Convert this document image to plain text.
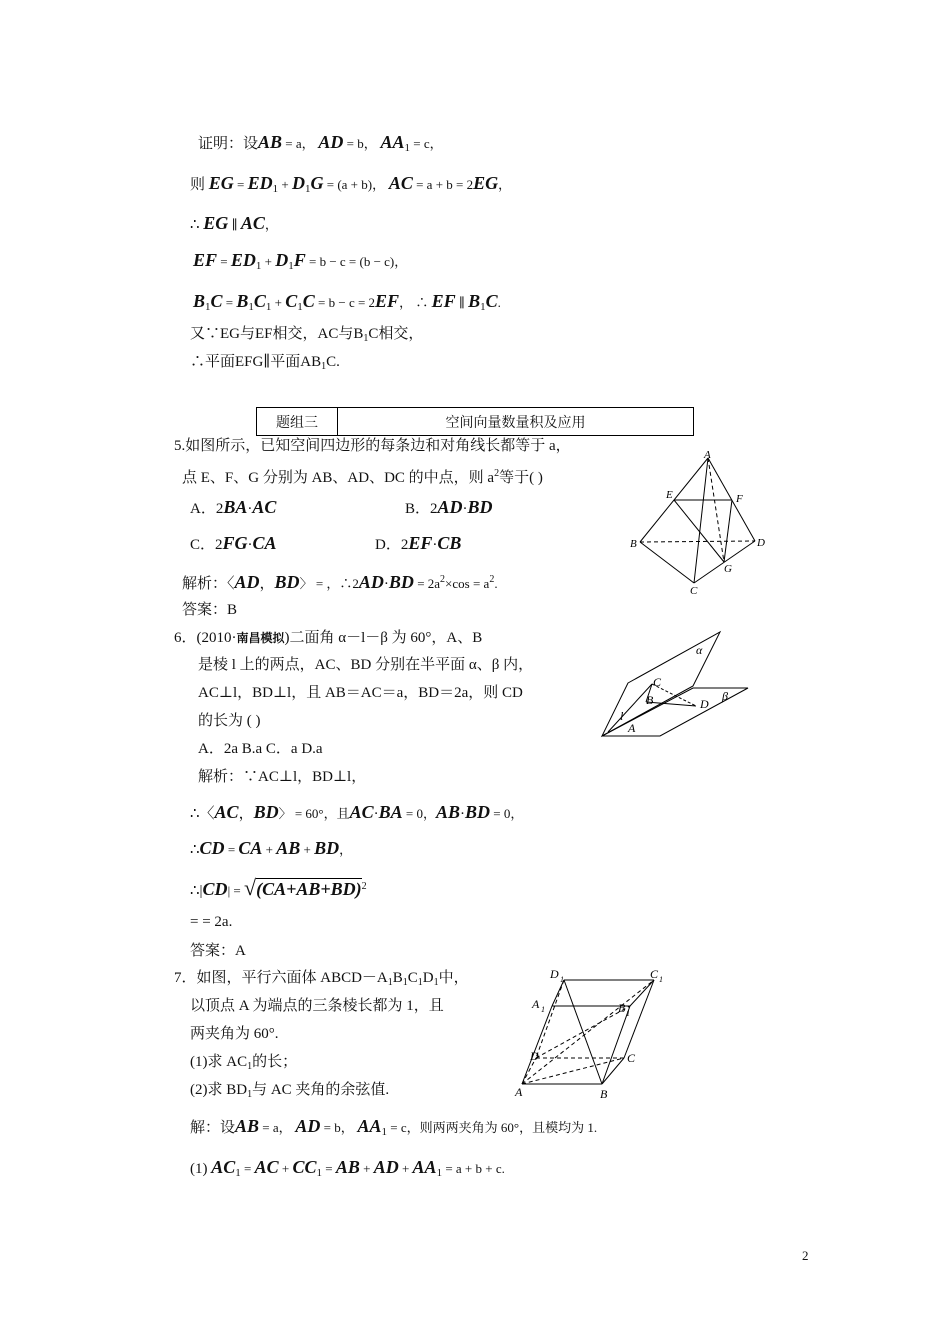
证明：设AB = a， AD = b， $AA_1 = c$，
则 EG = $ED_1 + D_1G = (a + b)$， AC = a + b = 2EG，
∴ EG ∥ AC，
EF = $ED_1 + D_1F = b - c = (b - c)$，
$B_1C = B_1C_1 + C_1C = b - c = 2EF$， ∴ EF ∥ $B_1C$.
又∵EG与EF相交，AC与$B_1C$相交，
∴平面EFG∥平面$AB_1C$.
题组三	空间向量数量积及应用
5.如图所示，已知空间四边形的每条边和对角线长都等于 a，
点 E、F、G 分别为 AB、AD、DC 的中点，则 $a^2$等于( )
A．2BA·AC	B．2AD·BD
C．2FG·CA	D．2EF·CB
解析：〈AD，BD〉 = ，∴2AD·BD = $2a^2\times\cos = a^2$.
答案：B
A
B
C
D
E	F
G
6．(2010·南昌模拟)二面角 α－l－β 为 60°，A、B
是棱 l 上的两点，AC、BD 分别在半平面 α、β 内，
AC⊥l，BD⊥l，且 AB＝AC＝a，BD＝2a，则 CD
的长为 ( )
A．2a B.a C．a D.a
解析：∵AC⊥l，BD⊥l，
∴〈AC，BD〉 = 60°，且AC·BA = 0，AB·BD = 0，
∴CD = CA + AB + BD，
∴|CD| = $√(CA+AB+BD)^2$
= = 2a.
答案：A
α
β
C
B	D
A
l
7．如图，平行六面体 $ABCD-A_1B_1C_1D_1$中，
以顶点 A 为端点的三条棱长都为 1，且
两夹角为 60°.
(1)求 $AC_1$的长；
(2)求 $BD_1$与 AC 夹角的余弦值.
解：设AB = a， AD = b， $AA_1 = c$，则两两夹角为 60°，且模均为 1.
(1) $AC_1$ = AC + $CC_1$ = AB + AD + $AA_1 = a + b + c$.
D 1	C 1
A 1	B 1
D	C
A	B
2
